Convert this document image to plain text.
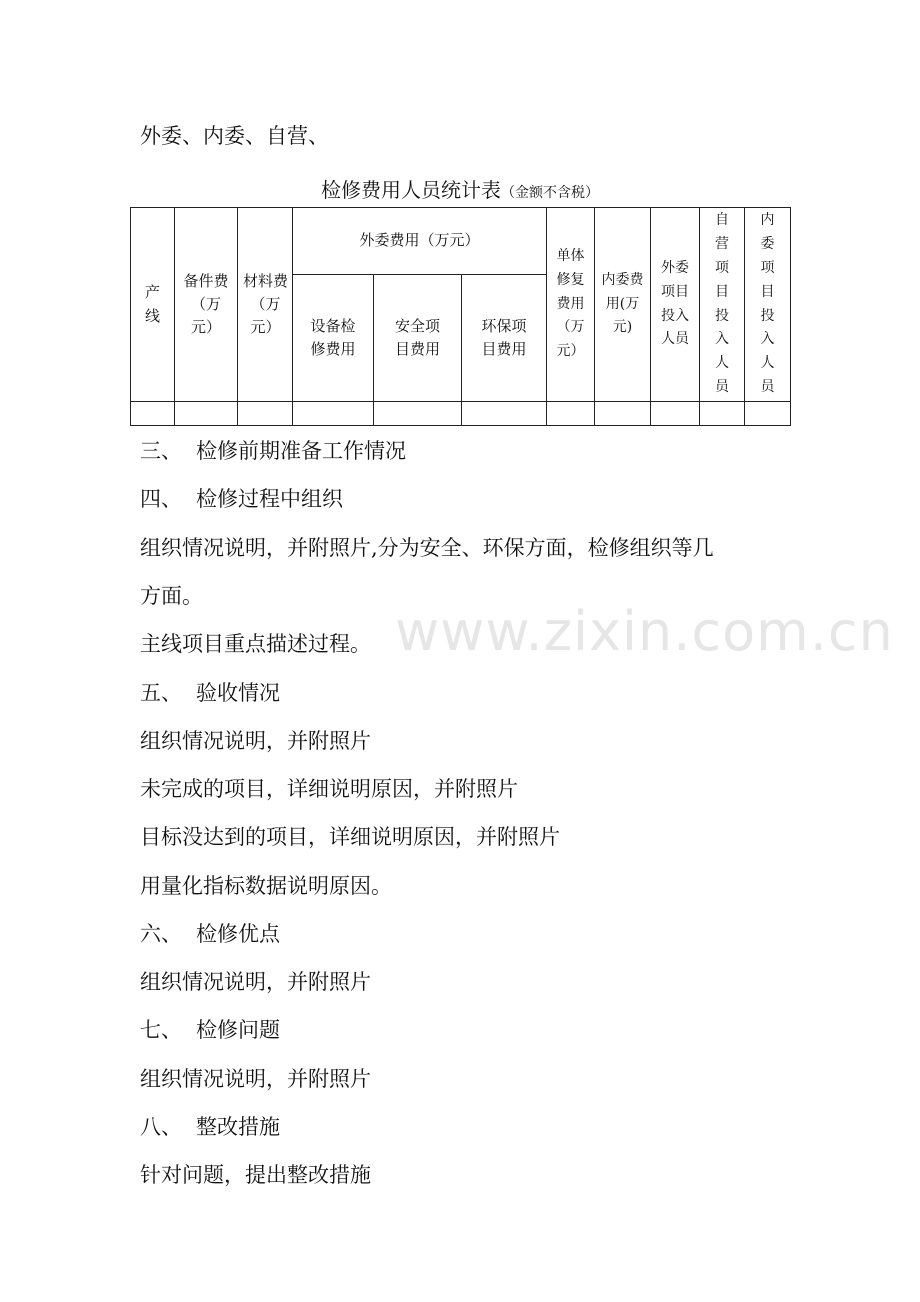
外委、内委、自营、
检修费用人员统计表（金额不含税）
产线	备件费（万元）	材料费（万元）	外委费用（万元）			单体修复费用（万元）	内委费用(万元)	外委项目投入人员	自营项目投入人员	内委项目投入人员
			设备检修费用	安全项目费用	环保项目费用					

三、 检修前期准备工作情况
四、 检修过程中组织
组织情况说明，并附照片,分为安全、环保方面，检修组织等几
方面。
主线项目重点描述过程。
五、 验收情况
组织情况说明，并附照片
未完成的项目，详细说明原因，并附照片
目标没达到的项目，详细说明原因，并附照片
用量化指标数据说明原因。
六、 检修优点
组织情况说明，并附照片
七、 检修问题
组织情况说明，并附照片
八、 整改措施
针对问题，提出整改措施
www.zixin.com.cn
